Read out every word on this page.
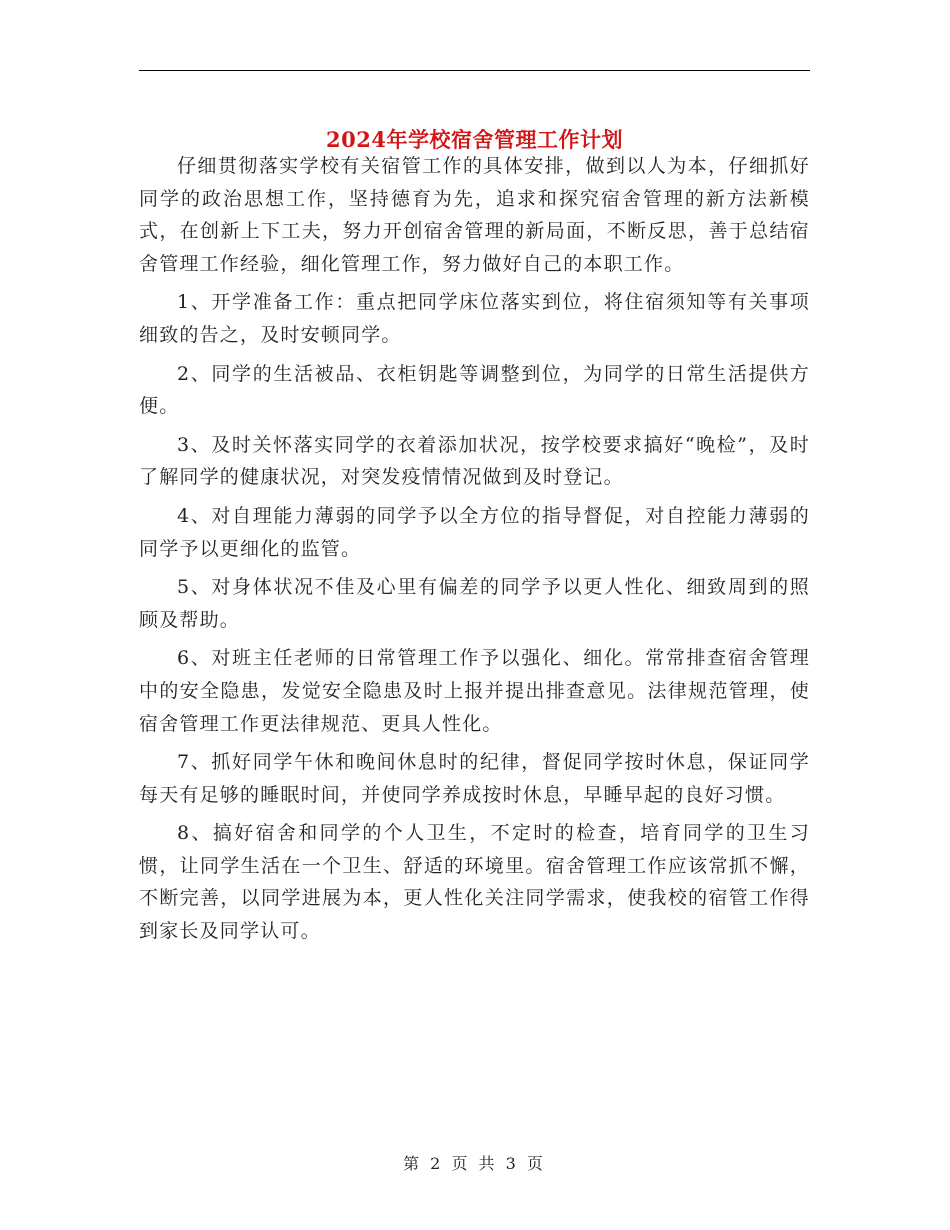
2024年学校宿舍管理工作计划

仔细贯彻落实学校有关宿管工作的具体安排，做到以人为本，仔细抓好同学的政治思想工作，坚持德育为先，追求和探究宿舍管理的新方法新模式，在创新上下工夫，努力开创宿舍管理的新局面，不断反思，善于总结宿舍管理工作经验，细化管理工作，努力做好自己的本职工作。

1、开学准备工作：重点把同学床位落实到位，将住宿须知等有关事项细致的告之，及时安顿同学。

2、同学的生活被品、衣柜钥匙等调整到位，为同学的日常生活提供方便。

3、及时关怀落实同学的衣着添加状况，按学校要求搞好“晚检”，及时了解同学的健康状况，对突发疫情情况做到及时登记。

4、对自理能力薄弱的同学予以全方位的指导督促，对自控能力薄弱的同学予以更细化的监管。

5、对身体状况不佳及心里有偏差的同学予以更人性化、细致周到的照顾及帮助。

6、对班主任老师的日常管理工作予以强化、细化。常常排查宿舍管理中的安全隐患，发觉安全隐患及时上报并提出排查意见。法律规范管理，使宿舍管理工作更法律规范、更具人性化。

7、抓好同学午休和晚间休息时的纪律，督促同学按时休息，保证同学每天有足够的睡眠时间，并使同学养成按时休息，早睡早起的良好习惯。

8、搞好宿舍和同学的个人卫生，不定时的检查，培育同学的卫生习惯，让同学生活在一个卫生、舒适的环境里。宿舍管理工作应该常抓不懈，不断完善，以同学进展为本，更人性化关注同学需求，使我校的宿管工作得到家长及同学认可。

第 2 页 共 3 页
